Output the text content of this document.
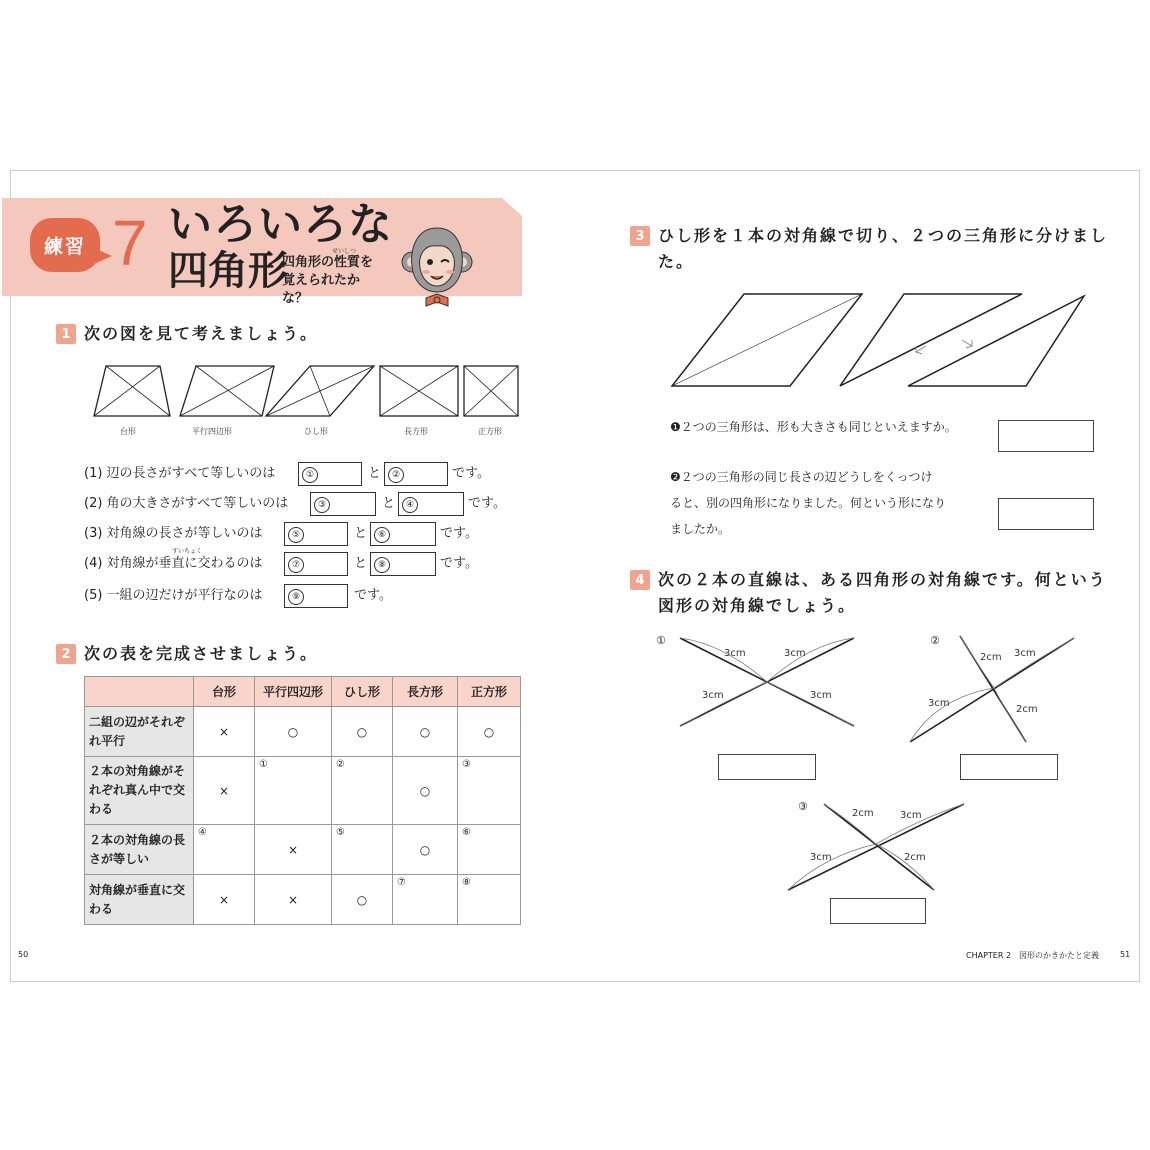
練習 7 いろいろな
四角形	せいしつ
四角形の性質を
覚えられたかな？
1 次の図を見て考えましょう。
台形	平行四辺形	ひし形	長方形	正方形
(1) 辺の長さがすべて等しいのは	①	と	②	です。
(2) 角の大きさがすべて等しいのは	③	と	④	です。
(3) 対角線の長さが等しいのは	⑤	と	⑥	です。
すいちょく
(4) 対角線が垂直に交わるのは	⑦	と	⑧	です。
(5) 一組の辺だけが平行なのは	⑨	です。
2 次の表を完成させましょう。
	台形	平行四辺形	ひし形	長方形	正方形
二組の辺がそれぞれ平行	×	○	○	○	○
２本の対角線がそれぞれ真ん中で交わる	×	①	②	○	③

２本の対角線の長さが等しい	④	×	⑤	○	⑥

対角線が垂直に交わる	×	×	○	⑦	⑧
3 ひし形を１本の対角線で切り、２つの三角形に分けまし
た。
❶２つの三角形は、形も大きさも同じといえますか。
❷２つの三角形の同じ長さの辺どうしをくっつけ
ると、別の四角形になりました。何という形になり
ましたか。
4 次の２本の直線は、ある四角形の対角線です。何という
図形の対角線でしょう。
①
3cm	3cm
3cm	3cm
②
2cm 3cm
3cm
2cm
③
2cm	3cm
3cm	2cm
50	CHAPTER 2　図形のかきかたと定義	51
